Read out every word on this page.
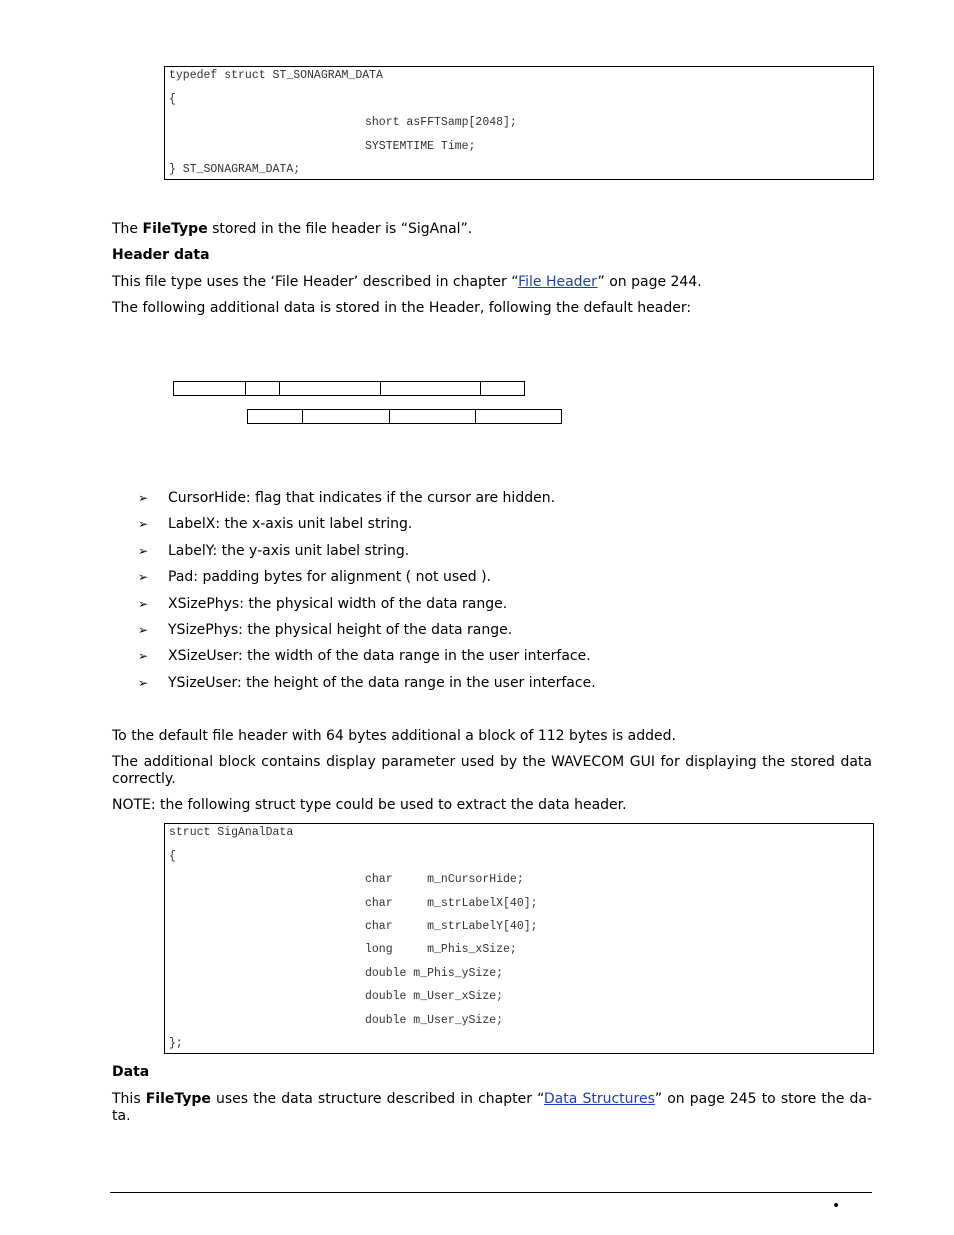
typedef struct ST_SONAGRAM_DATA
{
short asFFTSamp[2048];
SYSTEMTIME Time;
} ST_SONAGRAM_DATA;
The FileType stored in the file header is “SigAnal”.
Header data
This file type uses the ‘File Header’ described in chapter “File Header” on page 244.
The following additional data is stored in the Header, following the default header:
➢ CursorHide: flag that indicates if the cursor are hidden.
➢ LabelX: the x-axis unit label string.
➢ LabelY: the y-axis unit label string.
➢ Pad: padding bytes for alignment ( not used ).
➢ XSizePhys: the physical width of the data range.
➢ YSizePhys: the physical height of the data range.
➢ XSizeUser: the width of the data range in the user interface.
➢ YSizeUser: the height of the data range in the user interface.
To the default file header with 64 bytes additional a block of 112 bytes is added.
The additional block contains display parameter used by the WAVECOM GUI for displaying the stored data correctly.
NOTE: the following struct type could be used to extract the data header.
struct SigAnalData
{
char     m_nCursorHide;
char     m_strLabelX[40];
char     m_strLabelY[40];
long     m_Phis_xSize;
double m_Phis_ySize;
double m_User_xSize;
double m_User_ySize;
};
Data
This FileType uses the data structure described in chapter “Data Structures” on page 245 to store the da-ta.
•
